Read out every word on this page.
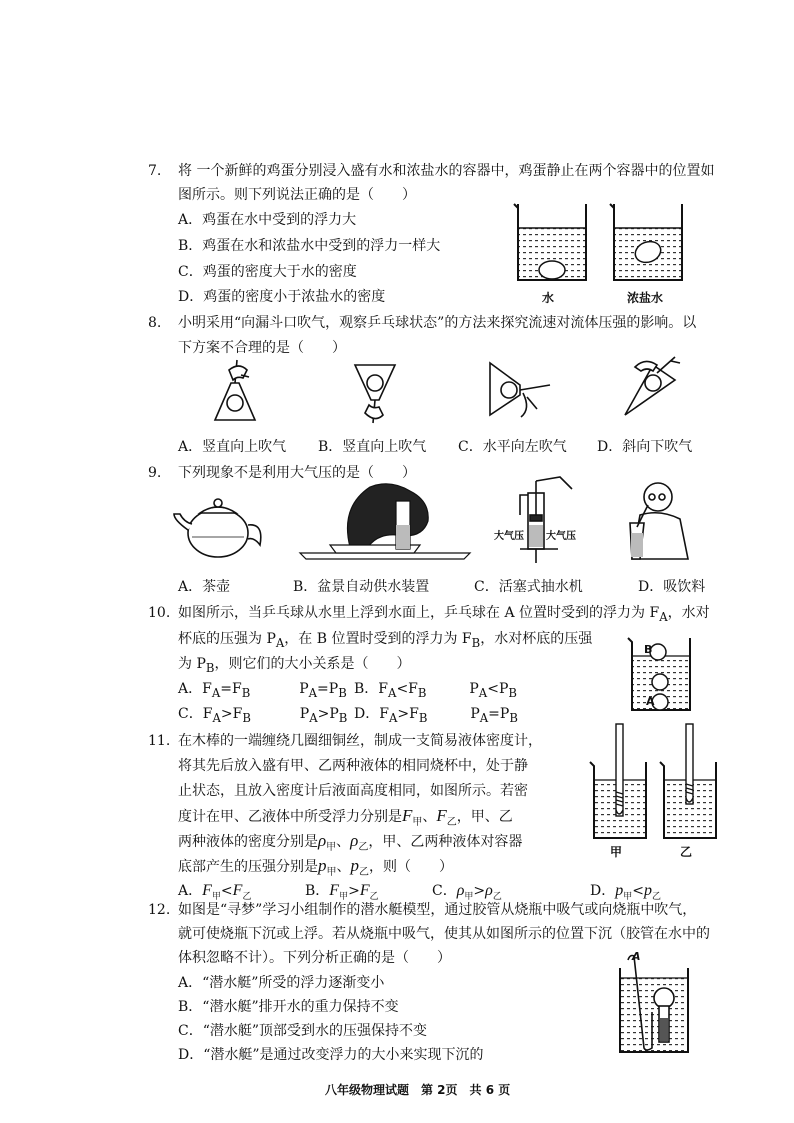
7. 将 一个新鲜的鸡蛋分别浸入盛有水和浓盐水的容器中，鸡蛋静止在两个容器中的位置如
图所示。则下列说法正确的是（　　）
A．鸡蛋在水中受到的浮力大
B．鸡蛋在水和浓盐水中受到的浮力一样大
C．鸡蛋的密度大于水的密度
D．鸡蛋的密度小于浓盐水的密度	水	浓盐水
8. 小明采用“向漏斗口吹气，观察乒乓球状态”的方法来探究流速对流体压强的影响。以
下方案不合理的是（　　）
A．竖直向上吹气 B．竖直向上吹气 C．水平向左吹气 D．斜向下吹气
9. 下列现象不是利用大气压的是（　　）
大气压 大气压
A．茶壶	B．盆景自动供水装置	C．活塞式抽水机	D．吸饮料
10. 如图所示，当乒乓球从水里上浮到水面上，乒乓球在 A 位置时受到的浮力为 $F_A$，水对
杯底的压强为 $P_A$，在 B 位置时受到的浮力为 $F_B$，水对杯底的压强
为 $P_B$，则它们的大小关系是（　　）
A．$F_A=F_B$	$P_A=P_B$ B．$F_A<F_B$	$P_A<P_B$
C．$F_A>F_B$	$P_A>P_B$ D．$F_A>F_B$	$P_A=P_B$
B
A
11. 在木棒的一端缠绕几圈细铜丝，制成一支简易液体密度计，
将其先后放入盛有甲、乙两种液体的相同烧杯中，处于静
止状态，且放入密度计后液面高度相同，如图所示。若密
度计在甲、乙液体中所受浮力分别是$F_甲$、$F_乙$，甲、乙
两种液体的密度分别是$\rho_甲$、$\rho_乙$，甲、乙两种液体对容器
底部产生的压强分别是$p_甲$、$p_乙$，则（　　）
A．$F_甲<F_乙$	B．$F_甲>F_乙$	C．$\rho_甲>\rho_乙$	D．$p_甲<p_乙$
甲	乙
12. 如图是“寻梦”学习小组制作的潜水艇模型，通过胶管从烧瓶中吸气或向烧瓶中吹气，
就可使烧瓶下沉或上浮。若从烧瓶中吸气，使其从如图所示的位置下沉（胶管在水中的
体积忽略不计）。下列分析正确的是（　　）
A．“潜水艇”所受的浮力逐渐变小
B．“潜水艇”排开水的重力保持不变
C．“潜水艇”顶部受到水的压强保持不变
D．“潜水艇”是通过改变浮力的大小来实现下沉的
A
八年级物理试题　第 2页　共 6 页
